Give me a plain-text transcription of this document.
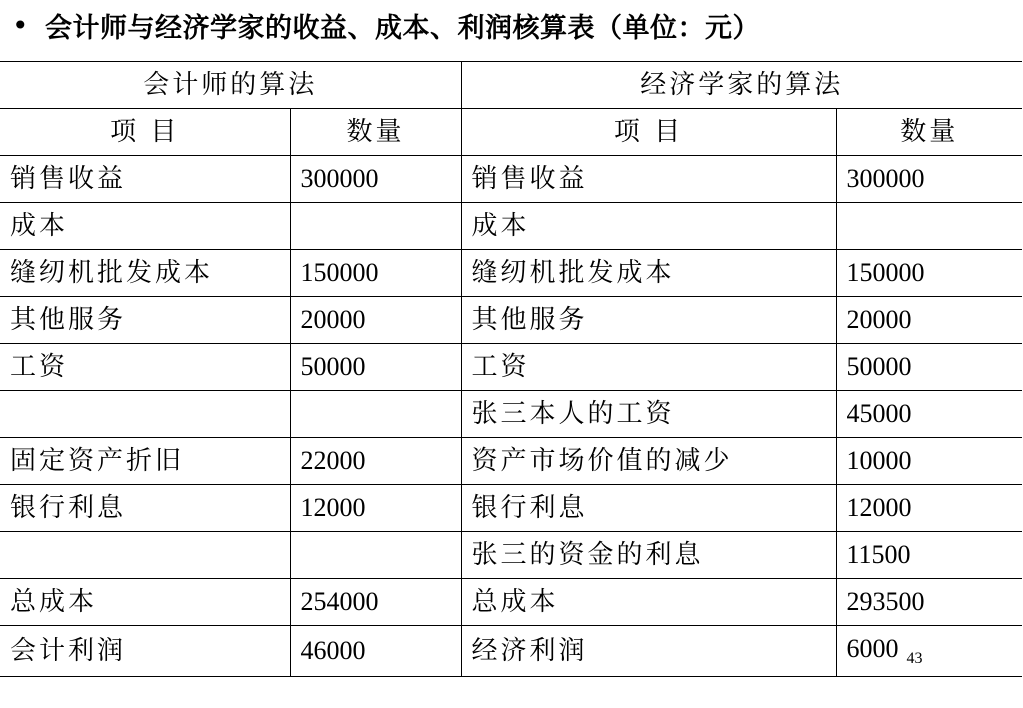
• 会计师与经济学家的收益、成本、利润核算表（单位：元）
会计师的算法		经济学家的算法	
项 目	数量	项 目	数量
销售收益	300000	销售收益	300000
成本		成本	
缝纫机批发成本	150000	缝纫机批发成本	150000
其他服务	20000	其他服务	20000
工资	50000	工资	50000
		张三本人的工资	45000
固定资产折旧	22000	资产市场价值的减少	10000
银行利息	12000	银行利息	12000
		张三的资金的利息	11500
总成本	254000	总成本	293500
会计利润	46000	经济利润	6000 $_{43}$
